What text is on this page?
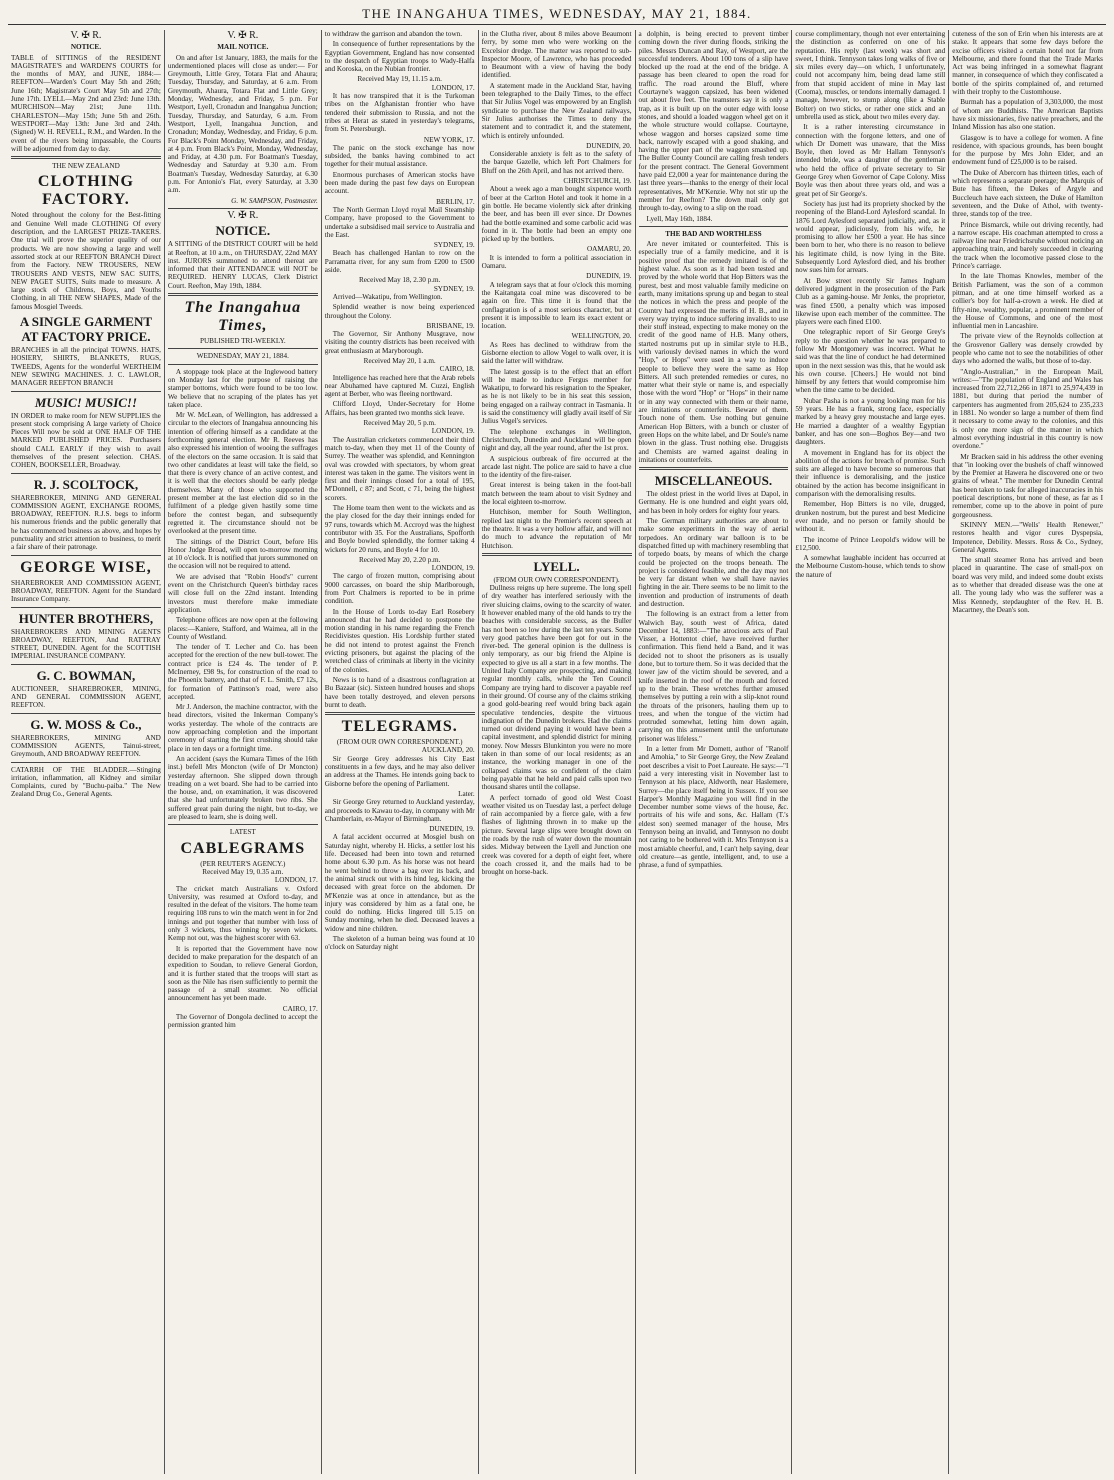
THE INANGAHUA TIMES, WEDNESDAY, MAY 21, 1884.
V. ✠ R.
NOTICE.

TABLE of SITTINGS of the RESIDENT MAGISTRATE'S and WARDEN'S COURTS for the months of MAY, and JUNE, 1884:— REEFTON—Warden's Court May 5th and 26th; June 16th; Magistrate's Court May 5th and 27th; June 17th. LYELL—May 2nd and 23rd: June 13th. MURCHISON—May 21st; June 11th. CHARLESTON—May 15th; June 5th and 26th. WESTPORT—May 13th: June 3rd and 24th. (Signed) W. H. REVELL, R.M., and Warden. In the event of the rivers being impassable, the Courts will be adjourned from day to day.

THE NEW ZEALAND
CLOTHING FACTORY.

Noted throughout the colony for the Best-fitting and Genuine Well made CLOTHING Of every description, and the LARGEST PRIZE-TAKERS. One trial will prove the superior quality of our products. We are now showing a large and well assorted stock at our REEFTON BRANCH Direct from the Factory. NEW TROUSERS, NEW TROUSERS AND VESTS, NEW SAC SUITS, NEW PAGET SUITS, Suits made to measure. A large stock of Childrens, Boys, and Youths Clothing, in all THE NEW SHAPES, Made of the famous Mosgiel Tweeds.

A SINGLE GARMENT AT FACTORY PRICE.

BRANCHES in all the principal TOWNS. HATS, HOSIERY, SHIRTS, BLANKETS, RUGS, TWEEDS, Agents for the wonderful WERTHEIM NEW SEWING MACHINES. J. C. LAWLOR, MANAGER REEFTON BRANCH

MUSIC! MUSIC!!

IN ORDER to make room for NEW SUPPLIES the present stock comprising A large variety of Choice Pieces Will now be sold at ONE HALF OF THE MARKED PUBLISHED PRICES. Purchasers should CALL EARLY if they wish to avail themselves of the present selection. CHAS. COHEN, BOOKSELLER, Broadway.

R. J. SCOLTOCK,

SHAREBROKER, MINING AND GENERAL COMMISSION AGENT, EXCHANGE ROOMS, BROADWAY, REEFTON. R.J.S. begs to inform his numerous friends and the public generally that he has commenced business as above, and hopes by punctuality and strict attention to business, to merit a fair share of their patronage.

GEORGE WISE,

SHAREBROKER AND COMMISSION AGENT, BROADWAY, REEFTON. Agent for the Standard Insurance Company.

HUNTER BROTHERS,

SHAREBROKERS AND MINING AGENTS BROADWAY, REEFTON, And RATTRAY STREET, DUNEDIN. Agent for the SCOTTISH IMPERIAL INSURANCE COMPANY.

G. C. BOWMAN,

AUCTIONEER, SHAREBROKER, MINING, AND GENERAL COMMISSION AGENT, REEFTON.

G. W. MOSS & Co.,

SHAREBROKERS, MINING AND COMMISSION AGENTS, Tainui-street, Greymouth, AND BROADWAY REEFTON.

CATARRH OF THE BLADDER.—Stinging irritation, inflammation, all Kidney and similar Complaints, cured by "Buchu-paiba." The New Zealand Drug Co., General Agents.

V. ✠ R.
MAIL NOTICE.

On and after 1st January, 1883, the mails for the undermentioned places will close as under:— For Greymouth, Little Grey, Totara Flat and Ahaura; Tuesday, Thursday, and Saturday, at 6 a.m. From Greymouth, Ahaura, Totara Flat and Little Grey; Monday, Wednesday, and Friday, 5 p.m. For Westport, Lyell, Cronadun and Inangahua Junction; Tuesday, Thursday, and Saturday, 6 a.m. From Westport, Lyell, Inangahua Junction, and Cronadun; Monday, Wednesday, and Friday, 6 p.m. For Black's Point Monday, Wednesday, and Friday, at 4 p.m. From Black's Point, Monday, Wednesday, and Friday, at 4.30 p.m. For Boatman's Tuesday, Wednesday and Saturday at 9.30 a.m. From Boatman's Tuesday, Wednesday Saturday, at 6.30 p.m. For Antonio's Flat, every Saturday, at 3.30 a.m.

G. W. SAMPSON, Postmaster.
V. ✠ R.
NOTICE.

A SITTING of the DISTRICT COURT will be held at Reefton, at 10 a.m., on THURSDAY, 22nd MAY inst. JURORS summoned to attend thereat are informed that their ATTENDANCE will NOT be REQUIRED. HENRY LUCAS, Clerk District Court. Reefton, May 19th, 1884.

The Inangahua Times,
PUBLISHED TRI-WEEKLY.
WEDNESDAY, MAY 21, 1884.

A stoppage took place at the Inglewood battery on Monday last for the purpose of raising the stamper bottoms, which were found to be too low. We believe that no scraping of the plates has yet taken place.

Mr W. McLean, of Wellington, has addressed a circular to the electors of Inangahua announcing his intention of offering himself as a candidate at the forthcoming general election. Mr R. Reeves has also expressed his intention of wooing the suffrages of the electors on the same occasion. It is said that two other candidates at least will take the field, so that there is every chance of an active contest, and it is well that the electors should be early pledge themselves. Many of those who supported the present member at the last election did so in the fulfilment of a pledge given hastily some time before the contest began, and subsequently regretted it. The circumstance should not be overlooked at the present time.

The sittings of the District Court, before His Honor Judge Broad, will open to-morrow morning at 10 o'clock. It is notified that jurors summoned on the occasion will not be required to attend.

We are advised that "Robin Hood's" current event on the Christchurch Queen's birthday races will close full on the 22nd instant. Intending investors must therefore make immediate application.

Telephone offices are now open at the following places:—Kaniere, Stafford, and Waimea, all in the County of Westland.

The tender of T. Lecher and Co. has been accepted for the erection of the new bull-tower. The contract price is £24 4s. The tender of P. McInerney, £98 9s, for construction of the road to the Phoenix battery, and that of F. L. Smith, £7 12s, for formation of Pattinson's road, were also accepted.

Mr J. Anderson, the machine contractor, with the head directors, visited the Inkerman Company's works yesterday. The whole of the contracts are now approaching completion and the important ceremony of starting the first crushing should take place in ten days or a fortnight time.

An accident (says the Kumara Times of the 16th inst.) befell Mrs Moncton (wife of Dr Moncton) yesterday afternoon. She slipped down through treading on a wet board. She had to be carried into the house, and, on examination, it was discovered that she had unfortunately broken two ribs. She suffered great pain during the night, but to-day, we are pleased to learn, she is doing well.

LATEST
CABLEGRAMS
(PER REUTER'S AGENCY.)
Received May 19, 0.35 a.m.
LONDON, 17.

The cricket match Australians v. Oxford University, was resumed at Oxford to-day, and resulted in the defeat of the visitors. The home team requiring 108 runs to win the match went in for 2nd innings and put together that number with loss of only 3 wickets, thus winning by seven wickets. Kemp not out, was the highest scorer with 63.

It is reported that the Government have now decided to make preparation for the despatch of an expedition to Soudan, to relieve General Gordon, and it is further stated that the troops will start as soon as the Nile has risen sufficiently to permit the passage of a small steamer. No official announcement has yet been made.

CAIRO, 17.

The Governor of Dongola declined to accept the permission granted him

to withdraw the garrison and abandon the town.

In consequence of further representations by the Egyptian Government, England has now consented to the despatch of Egyptian troops to Wady-Halfa and Koroska, on the Nubian frontier.

Received May 19, 11.15 a.m.
LONDON, 17.

It has now transpired that it is the Turkoman tribes on the Afghanistan frontier who have tendered their submission to Russia, and not the tribes at Herat as stated in yesterday's telegrams, from St. Petersburgh.

NEW YORK, 17.

The panic on the stock exchange has now subsided, the banks having combined to act together for their mutual assistance.

Enormous purchases of American stocks have been made during the past few days on European account.

BERLIN, 17.

The North German Lloyd royal Mail Steamship Company, have proposed to the Government to undertake a subsidised mail service to Australia and the East.

SYDNEY, 19.

Beach has challenged Hanlan to row on the Parramatta river, for any sum from £200 to £500 aside.

Received May 18, 2.30 p.m.
SYDNEY, 19.

Arrived—Wakatipu, from Wellington.

Splendid weather is now being experienced throughout the Colony.

BRISBANE, 19.

The Governor, Sir Anthony Musgrave, now visiting the country districts has been received with great enthusiasm at Maryborough.

Received May 20, 1 a.m.
CAIRO, 18.

Intelligence has reached here that the Arab rebels near Abuhamed have captured M. Cuzzi, English agent at Berber, who was fleeing northward.

Clifford Lloyd, Under-Secretary for Home Affairs, has been granted two months sick leave.

Received May 20, 5 p.m.
LONDON, 19.

The Australian cricketers commenced their third match to-day, when they met 11 of the County of Surrey. The weather was splendid, and Kennington oval was crowded with spectators, by whom great interest was taken in the game. The visitors went in first and their innings closed for a total of 195, M'Donnell, c 87; and Scott, c 71, being the highest scorers.

The Home team then went to the wickets and as the play closed for the day their innings ended for 97 runs, towards which M. Accroyd was the highest contributor with 35. For the Australians, Spofforth and Boyle bowled splendidly, the former taking 4 wickets for 20 runs, and Boyle 4 for 10.

Received May 20, 2.20 p.m.
LONDON, 19.

The cargo of frozen mutton, comprising about 9000 carcasses, on board the ship Marlborough, from Port Chalmers is reported to be in prime condition.

In the House of Lords to-day Earl Rosebery announced that he had decided to postpone the motion standing in his name regarding the French Recidivistes question. His Lordship further stated he did not intend to protest against the French evicting prisoners, but against the placing of the wretched class of criminals at liberty in the vicinity of the colonies.

News is to hand of a disastrous conflagration at Bu Bazaar (sic). Sixteen hundred houses and shops have been totally destroyed, and eleven persons burnt to death.

TELEGRAMS.
(FROM OUR OWN CORRESPONDENT.)
AUCKLAND, 20.

Sir George Grey addresses his City East constituents in a few days, and he may also deliver an address at the Thames. He intends going back to Gisborne before the opening of Parliament.

Later.

Sir George Grey returned to Auckland yesterday, and proceeds to Kawau to-day, in company with Mr Chamberlain, ex-Mayor of Birmingham.

DUNEDIN, 19.

A fatal accident occurred at Mosgiel bush on Saturday night, whereby H. Hicks, a settler lost his life. Deceased had been into town and returned home about 6.30 p.m. As his horse was not heard he went behind to throw a bag over its back, and the animal struck out with its hind leg, kicking the deceased with great force on the abdomen. Dr M'Kenzie was at once in attendance, but as the injury was considered by him as a fatal one, he could do nothing. Hicks lingered till 5.15 on Sunday morning, when he died. Deceased leaves a widow and nine children.

The skeleton of a human being was found at 10 o'clock on Saturday night

in the Clutha river, about 8 miles above Beaumont ferry, by some men who were working on the Excelsior dredge. The matter was reported to sub-Inspector Moore, of Lawrence, who has proceeded to Beaumont with a view of having the body identified.

A statement made in the Auckland Star, having been telegraphed to the Daily Times, to the effect that Sir Julius Vogel was empowered by an English syndicate to purchase the New Zealand railways, Sir Julius authorises the Times to deny the statement and to contradict it, and the statement, which is entirely unfounded.

DUNEDIN, 20.

Considerable anxiety is felt as to the safety of the barque Gazelle, which left Port Chalmers for Bluff on the 26th April, and has not arrived there.

CHRISTCHURCH, 19.

About a week ago a man bought sixpence worth of beer at the Carlton Hotel and took it home in a gin bottle. He became violently sick after drinking the beer, and has been ill ever since. Dr Downes had the bottle examined and some carbolic acid was found in it. The bottle had been an empty one picked up by the bottlers.

OAMARU, 20.

It is intended to form a political association in Oamaru.

DUNEDIN, 19.

A telegram says that at four o'clock this morning the Kaitangata coal mine was discovered to be again on fire. This time it is found that the conflagration is of a most serious character, but at present it is impossible to learn its exact extent or location.

WELLINGTON, 20.

As Rees has declined to withdraw from the Gisborne election to allow Vogel to walk over, it is said the latter will withdraw.

The latest gossip is to the effect that an effort will be made to induce Fergus member for Wakatipu, to forward his resignation to the Speaker, as he is not likely to be in his seat this session, being engaged on a railway contract in Tasmania. It is said the constituency will gladly avail itself of Sir Julius Vogel's services.

The telephone exchanges in Wellington, Christchurch, Dunedin and Auckland will be open night and day, all the year round, after the 1st prox.

A suspicious outbreak of fire occurred at the arcade last night. The police are said to have a clue to the identity of the fire-raiser.

Great interest is being taken in the foot-ball match between the team about to visit Sydney and the local eighteen to-morrow.

Hutchison, member for South Wellington, replied last night to the Premier's recent speech at the theatre. It was a very hollow affair, and will not do much to advance the reputation of Mr Hutchison.

LYELL.
(FROM OUR OWN CORRESPONDENT).

Dullness reigns up here supreme. The long spell of dry weather has interfered seriously with the river sluicing claims, owing to the scarcity of water. It however enabled many of the old hands to try the beaches with considerable success, as the Buller has not been so low during the last ten years. Some very good patches have been got for out in the river-bed. The general opinion is the dullness is only temporary, as our big friend the Alpine is expected to give us all a start in a few months. The United Italy Company are prospecting, and making regular monthly calls, while the Ten Council Company are trying hard to discover a payable reef in their ground. Of course any of the claims striking a good gold-bearing reef would bring back again speculative tendencies, despite the virtuous indignation of the Dunedin brokers. Had the claims turned out dividend paying it would have been a capital investment, and splendid district for mining money. Now Messrs Blunkinton you were no more taken in than some of our local residents; as an instance, the working manager in one of the collapsed claims was so confident of the claim being payable that he held and paid calls upon two thousand shares until the collapse.

A perfect tornado of good old West Coast weather visited us on Tuesday last, a perfect deluge of rain accompanied by a fierce gale, with a few flashes of lightning thrown in to make up the picture. Several large slips were brought down on the roads by the rush of water down the mountain sides. Midway between the Lyell and Junction one creek was covered for a depth of eight feet, where the coach crossed it, and the mails had to be brought on horse-back.

a dolphin, is being erected to prevent timber coming down the river during floods, striking the piles. Messrs Duncan and Ray, of Westport, are the successful tenderers. About 100 tons of a slip have blocked up the road at the end of the bridge. A passage has been cleared to open the road for traffic. The road around the Bluff, where Courtayne's waggon capsized, has been widened out about five feet. The teamsters say it is only a trap, as it is built up on the outer edge with loose stones, and should a loaded waggon wheel get on it the whole structure would collapse. Courtayne, whose waggon and horses capsized some time back, narrowly escaped with a good shaking, and having the upper part of the waggon smashed up. The Buller County Council are calling fresh tenders for the present contract. The General Government have paid £2,000 a year for maintenance during the last three years—thanks to the energy of their local representatives, Mr M'Kenzie. Why not stir up the member for Reefton? The down mail only got through to-day, owing to a slip on the road.

Lyell, May 16th, 1884.

THE BAD AND WORTHLESS

Are never imitated or counterfeited. This is especially true of a family medicine, and it is positive proof that the remedy imitated is of the highest value. As soon as it had been tested and proved by the whole world that Hop Bitters was the purest, best and most valuable family medicine on earth, many imitations sprung up and began to steal the notices in which the press and people of the Country had expressed the merits of H. B., and in every way trying to induce suffering invalids to use their stuff instead, expecting to make money on the credit of the good name of H.B. Many others, started nostrums put up in similar style to H.B., with variously devised names in which the word "Hop," or Hops" were used in a way to induce people to believe they were the same as Hop Bitters. All such pretended remedies or cures, no matter what their style or name is, and especially those with the word "Hop" or "Hops" in their name or in any way connected with them or their name, are imitations or counterfeits. Beware of them. Touch none of them. Use nothing but genuine American Hop Bitters, with a bunch or cluster of green Hops on the white label, and Dr Soule's name blown in the glass. Trust nothing else. Druggists and Chemists are warned against dealing in imitations or counterfeits.

MISCELLANEOUS.

The oldest priest in the world lives at Dapol, in Germany. He is one hundred and eight years old, and has been in holy orders for eighty four years.

The German military authorities are about to make some experiments in the way of aerial torpedoes. An ordinary war balloon is to be dispatched fitted up with machinery resembling that of torpedo boats, by means of which the charge could be projected on the troops beneath. The project is considered feasible, and the day may not be very far distant when we shall have navies fighting in the air. There seems to be no limit to the invention and production of instruments of death and destruction.

The following is an extract from a letter from Walwich Bay, south west of Africa, dated December 14, 1883:—"The atrocious acts of Paul Visser, a Hottentot chief, have received further confirmation. This fiend held a Band, and it was decided not to shoot the prisoners as is usually done, but to torture them. So it was decided that the lower jaw of the victim should be severed, and a knife inserted in the roof of the mouth and forced up to the brain. These wretches further amused themselves by putting a rein with a slip-knot round the throats of the prisoners, hauling them up to trees, and when the tongue of the victim had protruded somewhat, letting him down again, carrying on this amusement until the unfortunate prisoner was lifeless."

In a letter from Mr Domett, author of "Ranolf and Amohia," to Sir George Grey, the New Zealand poet describes a visit to Poet Laureate. He says:—"I paid a very interesting visit in November last to Tennyson at his place, Aldworth, near Haslemere, Surrey—the place itself being in Sussex. If you see Harper's Monthly Magazine you will find in the December number some views of the house, &c. portraits of his wife and sons, &c. Hallam (T.'s eldest son) seemed manager of the house, Mrs Tennyson being an invalid, and Tennyson no doubt not caring to be bothered with it. Mrs Tennyson is a most amiable cheerful, and, I can't help saying, dear old creature—as gentle, intelligent, and, to use a phrase, a fund of sympathies.

course complimentary, though not ever entertaining the distinction as conferred on one of his reputation. His reply (last week) was short and sweet, I think. Tennyson takes long walks of five or six miles every day—on which, I unfortunately, could not accompany him, being dead lame still from that stupid accident of mine in May last (Cooma), muscles, or tendons internally damaged. I manage, however, to stump along (like a Stable Bolter) on two sticks, or rather one stick and an umbrella used as stick, about two miles every day.

It is a rather interesting circumstance in connection with the forgone letters, and one of which Dr Domett was unaware, that the Miss Boyle, then loved as Mr Hallam Tennyson's intended bride, was a daughter of the gentleman who held the office of private secretary to Sir George Grey when Governor of Cape Colony. Miss Boyle was then about three years old, and was a great pet of Sir George's.

Society has just had its propriety shocked by the reopening of the Bland-Lord Aylesford scandal. In 1876 Lord Aylesford separated judicially, and, as it would appear, judiciously, from his wife, he promising to allow her £500 a year. He has since been born to her, who there is no reason to believe his legitimate child, is now lying in the Bite. Subsequently Lord Aylesford died, and his brother now sues him for arrears.

At Bow street recently Sir James Ingham delivered judgment in the prosecution of the Park Club as a gaming-house. Mr Jenks, the proprietor, was fined £500, a penalty which was imposed likewise upon each member of the committee. The players were each fined £100.

One telegraphic report of Sir George Grey's reply to the question whether he was prepared to follow Mr Montgomery was incorrect. What he said was that the line of conduct he had determined upon in the next session was this, that he would ask his own course. [Cheers.] He would not bind himself by any fetters that would compromise him when the time came to be decided.

Nubar Pasha is not a young looking man for his 59 years. He has a frank, strong face, especially marked by a heavy grey moustache and large eyes. He married a daughter of a wealthy Egyptian banker, and has one son—Boghos Bey—and two daughters.

A movement in England has for its object the abolition of the actions for breach of promise. Such suits are alleged to have become so numerous that their influence is demoralising, and the justice obtained by the action has become insignificant in comparison with the demoralising results.

Remember, Hop Bitters is no vile, drugged, drunken nostrum, but the purest and best Medicine ever made, and no person or family should be without it.

The income of Prince Leopold's widow will be £12,500.

A somewhat laughable incident has occurred at the Melbourne Custom-house, which tends to show the nature of

cuteness of the son of Erin when his interests are at stake. It appears that some few days before the excise officers visited a certain hotel not far from Melbourne, and there found that the Trade Marks Act was being infringed in a somewhat flagrant manner, in consequence of which they confiscated a bottle of the spirits complained of, and returned with their trophy to the Customhouse.

Burmah has a population of 3,303,000, the most of whom are Buddhists. The American Baptists have six missionaries, five native preachers, and the Inland Mission has also one station.

Glasgow is to have a college for women. A fine residence, with spacious grounds, has been bought for the purpose by Mrs John Elder, and an endowment fund of £25,000 is to be raised.

The Duke of Abercorn has thirteen titles, each of which represents a separate peerage; the Marquis of Bute has fifteen, the Dukes of Argyle and Buccleuch have each sixteen, the Duke of Hamilton seventeen, and the Duke of Athol, with twenty-three, stands top of the tree.

Prince Bismarck, while out driving recently, had a narrow escape. His coachman attempted to cross a railway line near Friedrichsruhe without noticing an approaching train, and barely succeeded in clearing the track when the locomotive passed close to the Prince's carriage.

In the late Thomas Knowles, member of the British Parliament, was the son of a common pitman, and at one time himself worked as a collier's boy for half-a-crown a week. He died at fifty-nine, wealthy, popular, a prominent member of the House of Commons, and one of the most influential men in Lancashire.

The private view of the Reynolds collection at the Grosvenor Gallery was densely crowded by people who came not to see the notabilities of other days who adorned the walls, but those of to-day.

"Anglo-Australian," in the European Mail, writes:—"The population of England and Wales has increased from 22,712,266 in 1871 to 25,974,439 in 1881, but during that period the number of carpenters has augmented from 205,624 to 235,233 in 1881. No wonder so large a number of them find it necessary to come away to the colonies, and this is only one more sign of the manner in which almost everything industrial in this country is now overdone."

Mr Bracken said in his address the other evening that "in looking over the bushels of chaff winnowed by the Premier at Hawera he discovered one or two grains of wheat." The member for Dunedin Central has been taken to task for alleged inaccuracies in his poetical descriptions, but none of these, as far as I remember, come up to the above in point of pure gorgeousness.

SKINNY MEN.—"Wells' Health Renewer," restores health and vigor cures Dyspepsia, Impotence, Debility. Messrs. Ross & Co., Sydney, General Agents.

The small steamer Rona has arrived and been placed in quarantine. The case of small-pox on board was very mild, and indeed some doubt exists as to whether that dreaded disease was the one at all. The young lady who was the sufferer was a Miss Kennedy, stepdaughter of the Rev. H. B. Macartney, the Dean's son.
